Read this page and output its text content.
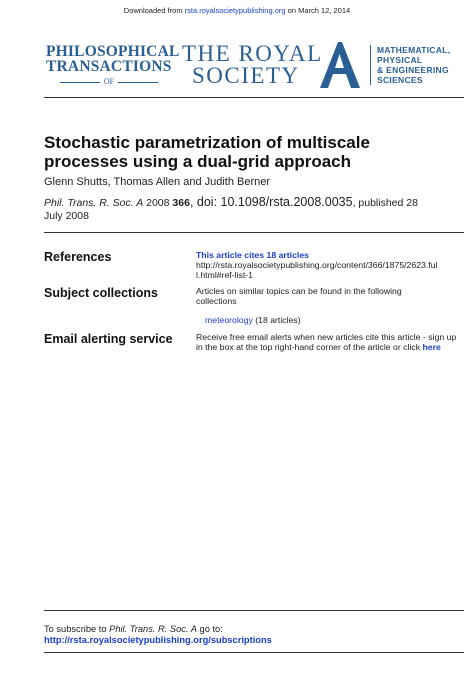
Downloaded from rsta.royalsocietypublishing.org on March 12, 2014
PHILOSOPHICAL
TRANSACTIONS
OF
THE ROYAL
SOCIETY
MATHEMATICAL,
PHYSICAL
& ENGINEERING
SCIENCES
Stochastic parametrization of multiscale
processes using a dual-grid approach
Glenn Shutts, Thomas Allen and Judith Berner
Phil. Trans. R. Soc. A 2008 366, doi: 10.1098/rsta.2008.0035, published 28
July 2008
References	This article cites 18 articles
http://rsta.royalsocietypublishing.org/content/366/1875/2623.ful
l.html#ref-list-1
Subject collections	Articles on similar topics can be found in the following
collections
meteorology (18 articles)
Email alerting service	Receive free email alerts when new articles cite this article - sign up
in the box at the top right-hand corner of the article or click here
To subscribe to Phil. Trans. R. Soc. A go to:
http://rsta.royalsocietypublishing.org/subscriptions
